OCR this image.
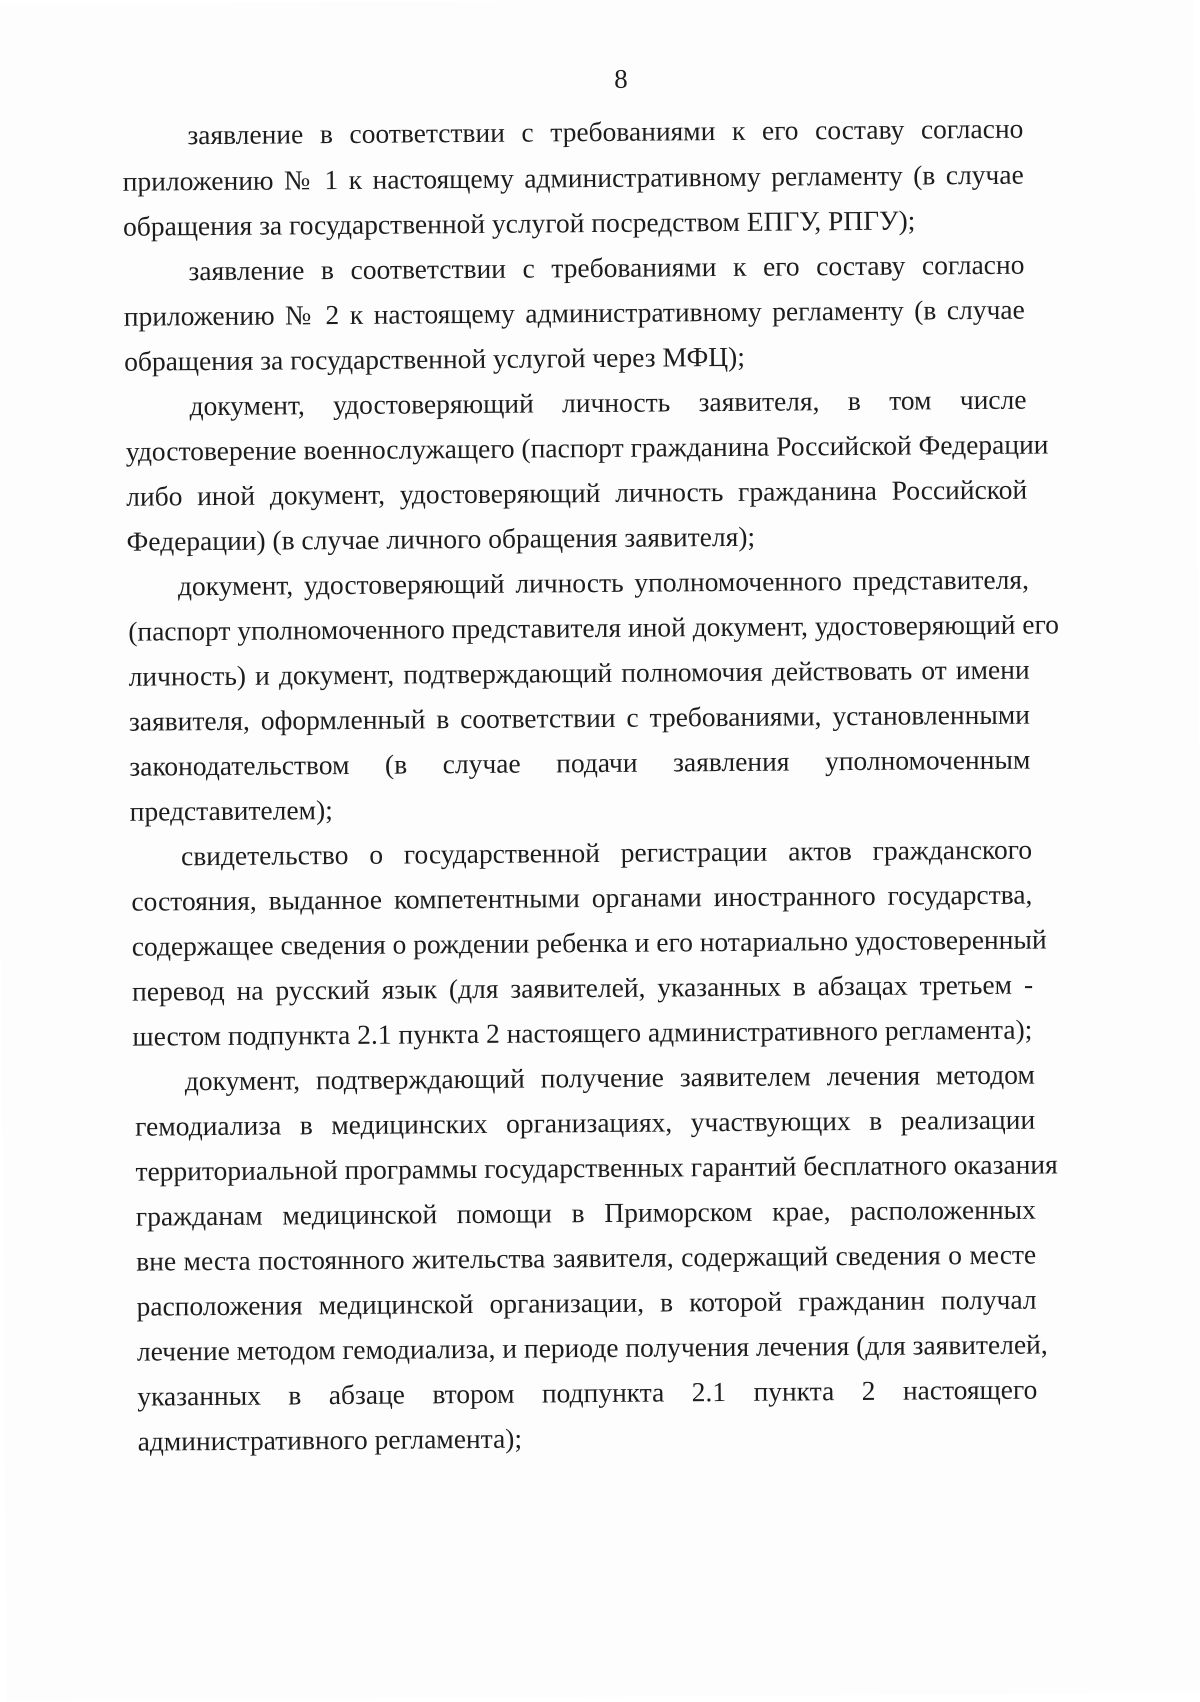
8
заявление в соответствии с требованиями к его составу согласно
приложению № 1 к настоящему административному регламенту (в случае
обращения за государственной услугой посредством ЕПГУ, РПГУ);
заявление в соответствии с требованиями к его составу согласно
приложению № 2 к настоящему административному регламенту (в случае
обращения за государственной услугой через МФЦ);
документ, удостоверяющий личность заявителя, в том числе
удостоверение военнослужащего (паспорт гражданина Российской Федерации
либо иной документ, удостоверяющий личность гражданина Российской
Федерации) (в случае личного обращения заявителя);
документ, удостоверяющий личность уполномоченного представителя,
(паспорт уполномоченного представителя иной документ, удостоверяющий его
личность) и документ, подтверждающий полномочия действовать от имени
заявителя, оформленный в соответствии с требованиями, установленными
законодательством (в случае подачи заявления уполномоченным
представителем);
свидетельство о государственной регистрации актов гражданского
состояния, выданное компетентными органами иностранного государства,
содержащее сведения о рождении ребенка и его нотариально удостоверенный
перевод на русский язык (для заявителей, указанных в абзацах третьем -
шестом подпункта 2.1 пункта 2 настоящего административного регламента);
документ, подтверждающий получение заявителем лечения методом
гемодиализа в медицинских организациях, участвующих в реализации
территориальной программы государственных гарантий бесплатного оказания
гражданам медицинской помощи в Приморском крае, расположенных
вне места постоянного жительства заявителя, содержащий сведения о месте
расположения медицинской организации, в которой гражданин получал
лечение методом гемодиализа, и периоде получения лечения (для заявителей,
указанных в абзаце втором подпункта 2.1 пункта 2 настоящего
административного регламента);
